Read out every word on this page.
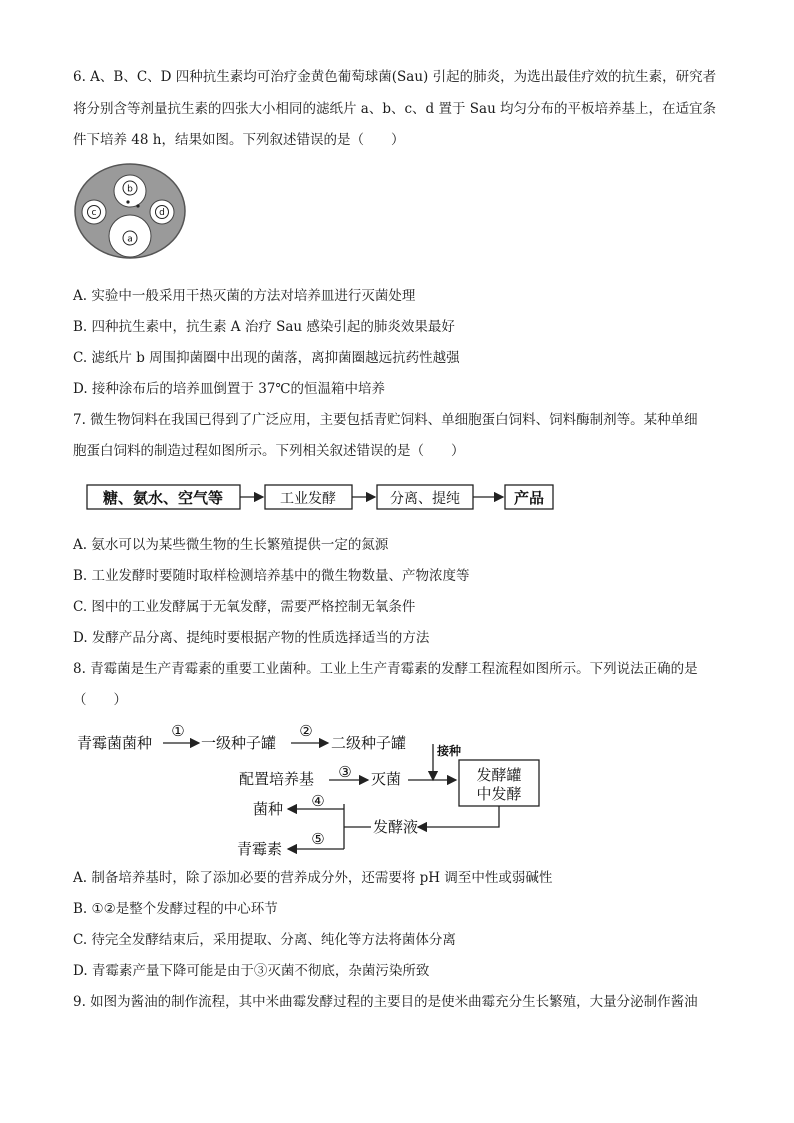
6. A、B、C、D 四种抗生素均可治疗金黄色葡萄球菌(Sau) 引起的肺炎，为选出最佳疗效的抗生素，研究者
将分别含等剂量抗生素的四张大小相同的滤纸片 a、b、c、d 置于 Sau 均匀分布的平板培养基上，在适宜条
件下培养 48 h，结果如图。下列叙述错误的是（　　）
b
c	d
a
A. 实验中一般采用干热灭菌的方法对培养皿进行灭菌处理
B. 四种抗生素中，抗生素 A 治疗 Sau 感染引起的肺炎效果最好
C. 滤纸片 b 周围抑菌圈中出现的菌落，离抑菌圈越远抗药性越强
D. 接种涂布后的培养皿倒置于 37℃的恒温箱中培养
7. 微生物饲料在我国已得到了广泛应用，主要包括青贮饲料、单细胞蛋白饲料、饲料酶制剂等。某种单细
胞蛋白饲料的制造过程如图所示。下列相关叙述错误的是（　　）
糖、氨水、空气等	工业发酵	分离、提纯	产品
A. 氨水可以为某些微生物的生长繁殖提供一定的氮源
B. 工业发酵时要随时取样检测培养基中的微生物数量、产物浓度等
C. 图中的工业发酵属于无氧发酵，需要严格控制无氧条件
D. 发酵产品分离、提纯时要根据产物的性质选择适当的方法
8. 青霉菌是生产青霉素的重要工业菌种。工业上生产青霉素的发酵工程流程如图所示。下列说法正确的是
（　　）
青霉菌菌种
①
一级种子罐
②
二级种子罐	接种
配置培养基 ③ 灭菌	发酵罐
中发酵
发酵液
④
菌种
⑤
青霉素
A. 制备培养基时，除了添加必要的营养成分外，还需要将 pH 调至中性或弱碱性
B. ①②是整个发酵过程的中心环节
C. 待完全发酵结束后，采用提取、分离、纯化等方法将菌体分离
D. 青霉素产量下降可能是由于③灭菌不彻底，杂菌污染所致
9. 如图为酱油的制作流程，其中米曲霉发酵过程的主要目的是使米曲霉充分生长繁殖，大量分泌制作酱油
